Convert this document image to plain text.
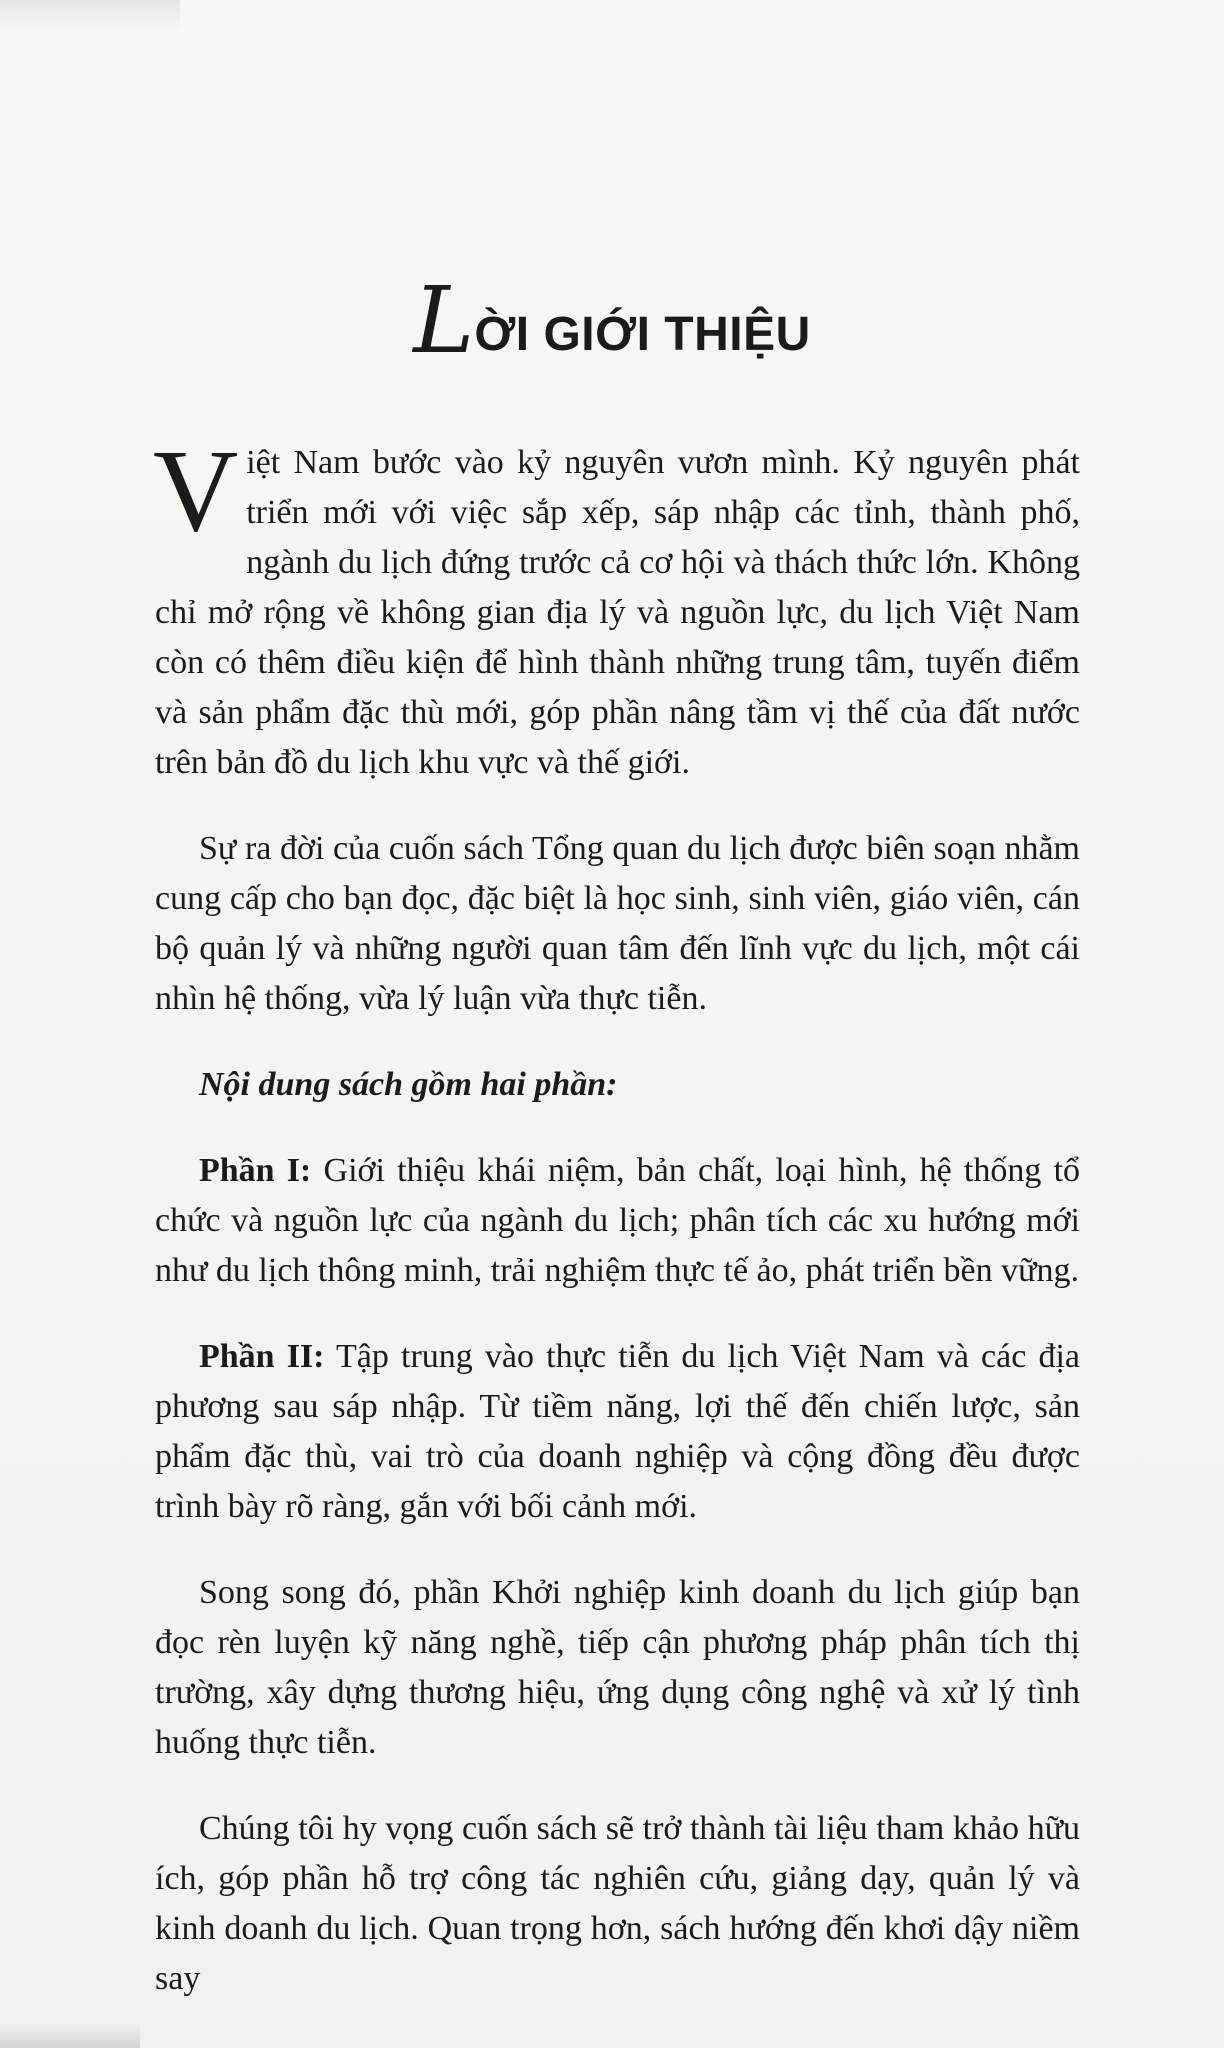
LỜI GIỚI THIỆU

Việt Nam bước vào kỷ nguyên vươn mình. Kỷ nguyên phát triển mới với việc sắp xếp, sáp nhập các tỉnh, thành phố, ngành du lịch đứng trước cả cơ hội và thách thức lớn. Không chỉ mở rộng về không gian địa lý và nguồn lực, du lịch Việt Nam còn có thêm điều kiện để hình thành những trung tâm, tuyến điểm và sản phẩm đặc thù mới, góp phần nâng tầm vị thế của đất nước trên bản đồ du lịch khu vực và thế giới.

Sự ra đời của cuốn sách Tổng quan du lịch được biên soạn nhằm cung cấp cho bạn đọc, đặc biệt là học sinh, sinh viên, giáo viên, cán bộ quản lý và những người quan tâm đến lĩnh vực du lịch, một cái nhìn hệ thống, vừa lý luận vừa thực tiễn.

Nội dung sách gồm hai phần:

Phần I: Giới thiệu khái niệm, bản chất, loại hình, hệ thống tổ chức và nguồn lực của ngành du lịch; phân tích các xu hướng mới như du lịch thông minh, trải nghiệm thực tế ảo, phát triển bền vững.

Phần II: Tập trung vào thực tiễn du lịch Việt Nam và các địa phương sau sáp nhập. Từ tiềm năng, lợi thế đến chiến lược, sản phẩm đặc thù, vai trò của doanh nghiệp và cộng đồng đều được trình bày rõ ràng, gắn với bối cảnh mới.

Song song đó, phần Khởi nghiệp kinh doanh du lịch giúp bạn đọc rèn luyện kỹ năng nghề, tiếp cận phương pháp phân tích thị trường, xây dựng thương hiệu, ứng dụng công nghệ và xử lý tình huống thực tiễn.

Chúng tôi hy vọng cuốn sách sẽ trở thành tài liệu tham khảo hữu ích, góp phần hỗ trợ công tác nghiên cứu, giảng dạy, quản lý và kinh doanh du lịch. Quan trọng hơn, sách hướng đến khơi dậy niềm say
